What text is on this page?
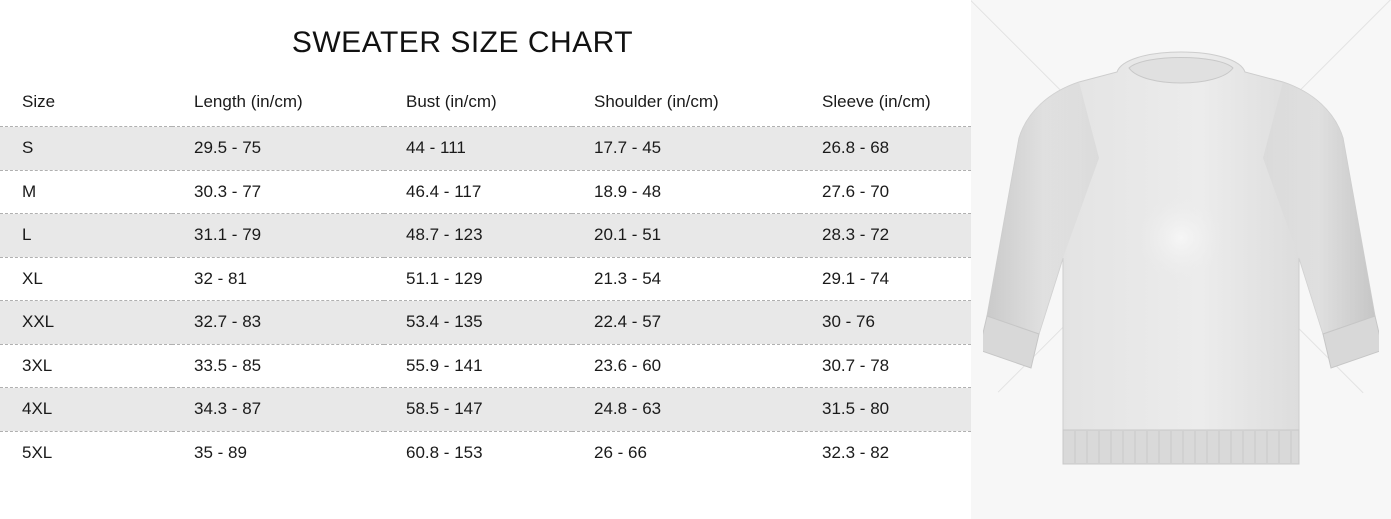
SWEATER SIZE CHART
Size	Length (in/cm)	Bust (in/cm)	Shoulder (in/cm)	Sleeve (in/cm)
S	29.5 - 75	44 - 111	17.7 - 45	26.8 - 68
M	30.3 - 77	46.4 - 117	18.9 - 48	27.6 - 70
L	31.1 - 79	48.7 - 123	20.1 - 51	28.3 - 72
XL	32 - 81	51.1 - 129	21.3 - 54	29.1 - 74
XXL	32.7 - 83	53.4 - 135	22.4 - 57	30 - 76
3XL	33.5 - 85	55.9 - 141	23.6 - 60	30.7 - 78
4XL	34.3 - 87	58.5 - 147	24.8 - 63	31.5 - 80
5XL	35 - 89	60.8 - 153	26 - 66	32.3 - 82
